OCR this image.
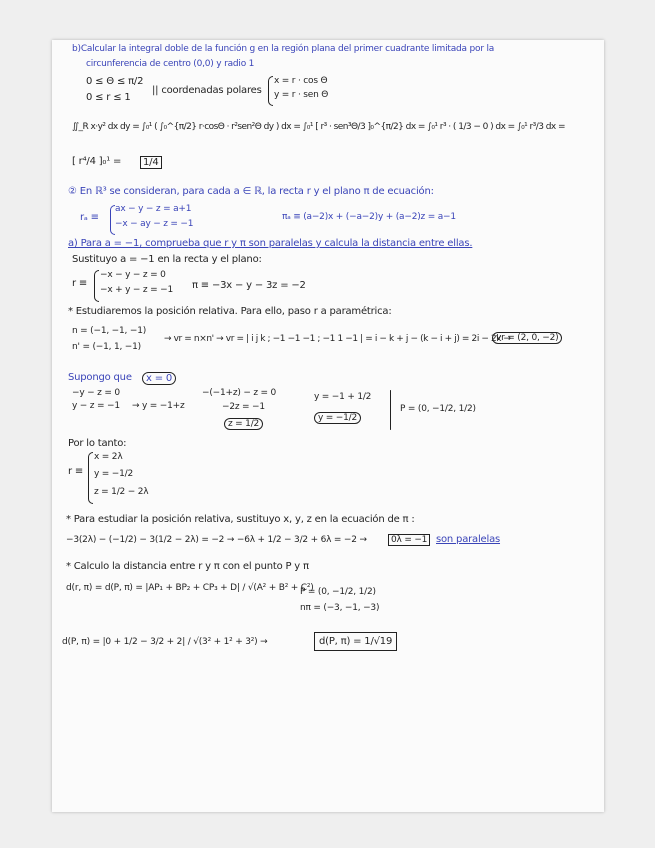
b)Calcular la integral doble de la función g en la región plana del primer cuadrante limitada por la
circunferencia de centro (0,0) y radio 1
0 ≤ Θ ≤ π/2
0 ≤ r ≤ 1
|| coordenadas polares
x = r · cos Θ
y = r · sen Θ
∬_R x·y² dx dy = ∫₀¹ ( ∫₀^{π/2} r·cosΘ · r²sen²Θ dy ) dx = ∫₀¹ [ r³ · sen³Θ/3 ]₀^{π/2} dx = ∫₀¹ r³ · ( 1/3 − 0 ) dx = ∫₀¹ r³/3 dx =
[ r⁴/4 ]₀¹ =	1/4
② En ℝ³ se consideran, para cada a ∈ ℝ, la recta r y el plano π de ecuación:
rₐ ≡
ax − y − z = a+1
−x − ay − z = −1
πₐ ≡ (a−2)x + (−a−2)y + (a−2)z = a−1
a) Para a = −1, comprueba que r y π son paralelas y calcula la distancia entre ellas.
Sustituyo a = −1 en la recta y el plano:
r ≡
−x − y − z = 0
−x + y − z = −1 π ≡ −3x − y − 3z = −2
* Estudiaremos la posición relativa. Para ello, paso r a paramétrica:
n = (−1, −1, −1)
n' = (−1, 1, −1)
→ vr = n×n' → vr = | i j k ; −1 −1 −1 ; −1 1 −1 | = i − k + j − (k − i + j) = 2i − 2k →
vr = (2, 0, −2)
Supongo que	x = 0
−y − z = 0
y − z = −1 → y = −1+z
−(−1+z) − z = 0
−2z = −1
z = 1/2
y = −1 + 1/2
y = −1/2
P = (0, −1/2, 1/2)
Por lo tanto:
r ≡
x = 2λ
y = −1/2
z = 1/2 − 2λ
* Para estudiar la posición relativa, sustituyo x, y, z en la ecuación de π :
−3(2λ) − (−1/2) − 3(1/2 − 2λ) = −2 → −6λ + 1/2 − 3/2 + 6λ = −2 →	0λ = −1 son paralelas
* Calculo la distancia entre r y π con el punto P y π
d(r, π) = d(P, π) = |AP₁ + BP₂ + CP₃ + D| / √(A² + B² + C²)
P = (0, −1/2, 1/2)
nπ = (−3, −1, −3)
d(P, π) = |0 + 1/2 − 3/2 + 2| / √(3² + 1² + 3²) →	d(P, π) = 1/√19
